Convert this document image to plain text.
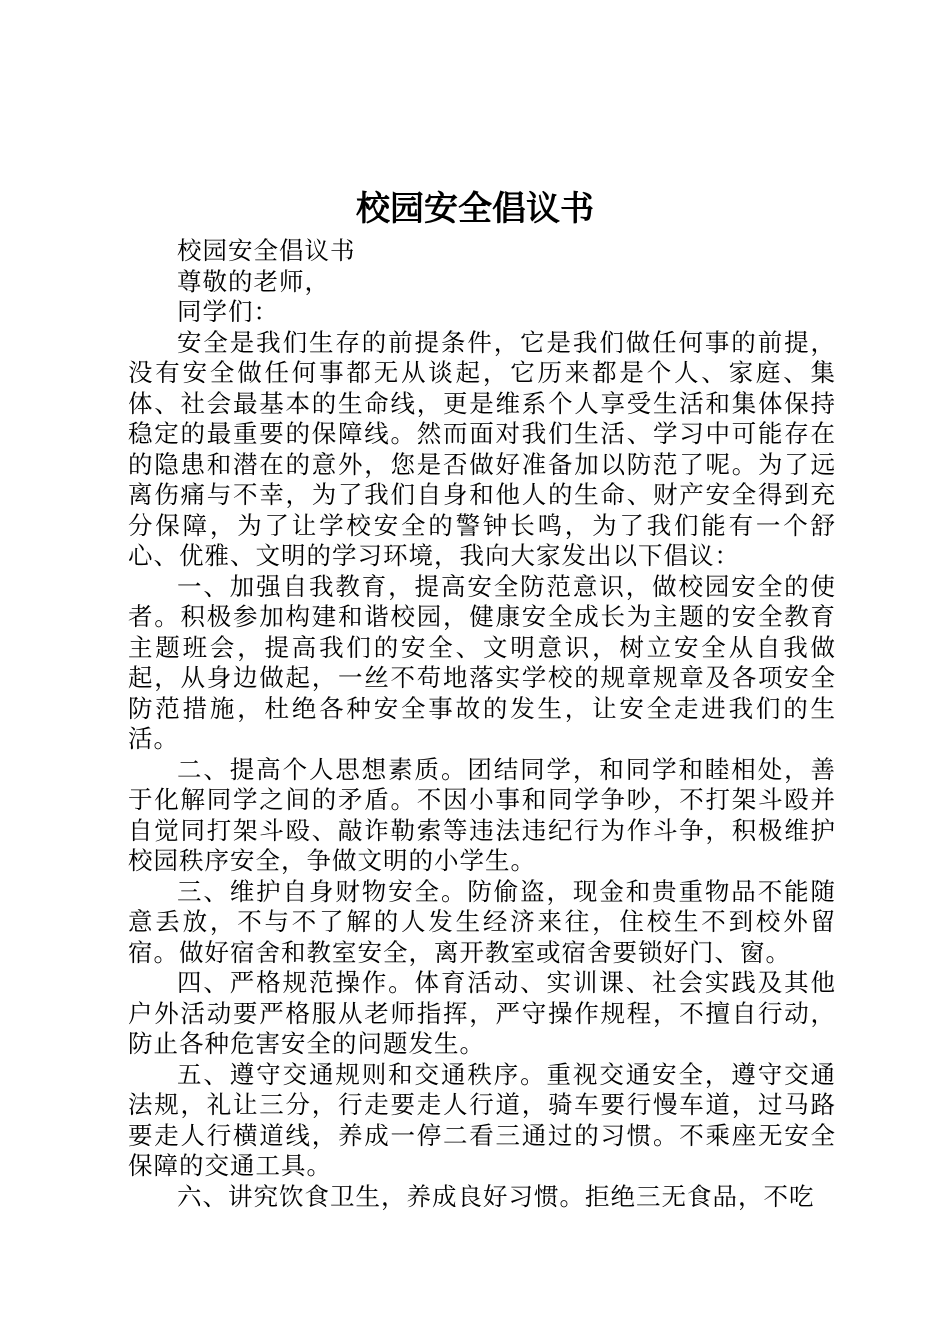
校园安全倡议书

校园安全倡议书

尊敬的老师，

同学们：

安全是我们生存的前提条件，它是我们做任何事的前提，没有安全做任何事都无从谈起，它历来都是个人、家庭、集体、社会最基本的生命线，更是维系个人享受生活和集体保持稳定的最重要的保障线。然而面对我们生活、学习中可能存在的隐患和潜在的意外，您是否做好准备加以防范了呢。为了远离伤痛与不幸，为了我们自身和他人的生命、财产安全得到充分保障，为了让学校安全的警钟长鸣，为了我们能有一个舒心、优雅、文明的学习环境，我向大家发出以下倡议：

一、加强自我教育，提高安全防范意识，做校园安全的使者。积极参加构建和谐校园，健康安全成长为主题的安全教育主题班会，提高我们的安全、文明意识，树立安全从自我做起，从身边做起，一丝不苟地落实学校的规章规章及各项安全防范措施，杜绝各种安全事故的发生，让安全走进我们的生活。

二、提高个人思想素质。团结同学，和同学和睦相处，善于化解同学之间的矛盾。不因小事和同学争吵，不打架斗殴并自觉同打架斗殴、敲诈勒索等违法违纪行为作斗争，积极维护校园秩序安全，争做文明的小学生。

三、维护自身财物安全。防偷盗，现金和贵重物品不能随意丢放，不与不了解的人发生经济来往，住校生不到校外留宿。做好宿舍和教室安全，离开教室或宿舍要锁好门、窗。

四、严格规范操作。体育活动、实训课、社会实践及其他户外活动要严格服从老师指挥，严守操作规程，不擅自行动，防止各种危害安全的问题发生。

五、遵守交通规则和交通秩序。重视交通安全，遵守交通法规，礼让三分，行走要走人行道，骑车要行慢车道，过马路要走人行横道线，养成一停二看三通过的习惯。不乘座无安全保障的交通工具。

六、讲究饮食卫生，养成良好习惯。拒绝三无食品，不吃
